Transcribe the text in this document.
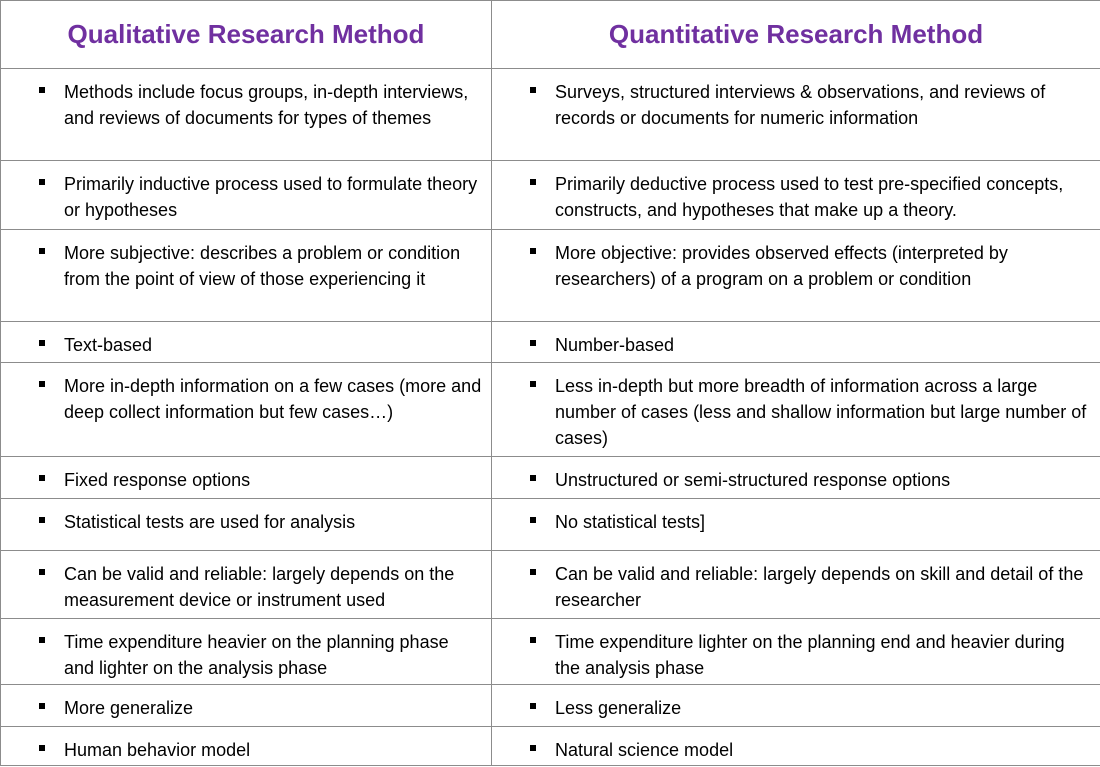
Qualitative Research Method	Quantitative Research Method

Methods include focus groups, in-depth interviews, and reviews of documents for types of themes	Surveys, structured interviews & observations, and reviews of records or documents for numeric information

Primarily inductive process used to formulate theory or hypotheses	Primarily deductive process used to test pre-specified concepts, constructs, and hypotheses that make up a theory.

More subjective: describes a problem or condition from the point of view of those experiencing it	More objective: provides observed effects (interpreted by researchers) of a program on a problem or condition

Text-based	Number-based

More in-depth information on a few cases (more and deep collect information but few cases…)	Less in-depth but more breadth of information across a large number of cases (less and shallow information but large number of cases)

Fixed response options	Unstructured or semi-structured response options

Statistical tests are used for analysis	No statistical tests]

Can be valid and reliable: largely depends on the measurement device or instrument used	Can be valid and reliable: largely depends on skill and detail of the researcher

Time expenditure heavier on the planning phase and lighter on the analysis phase	Time expenditure lighter on the planning end and heavier during the analysis phase

More generalize	Less generalize

Human behavior model	Natural science model
